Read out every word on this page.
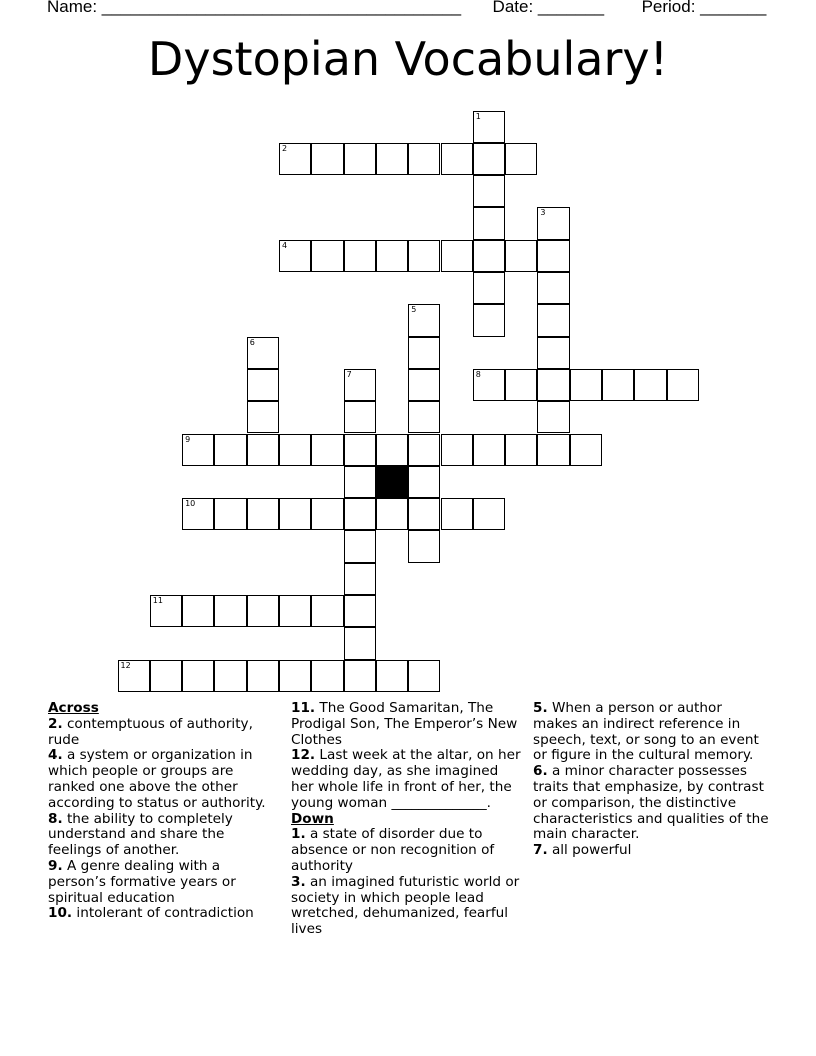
Name: ______________________________________ Date: _______ Period: _______
Dystopian Vocabulary!
1
2
3
4
5
6
7	8
9
10
11
12
Across
2. contemptuous of authority, rude
4. a system or organization in which people or groups are ranked one above the other according to status or authority.
8. the ability to completely understand and share the feelings of another.
9. A genre dealing with a person’s formative years or spiritual education
10. intolerant of contradiction
11. The Good Samaritan, The Prodigal Son, The Emperor’s New Clothes
12. Last week at the altar, on her wedding day, as she imagined her whole life in front of her, the young woman ______________.
Down
1. a state of disorder due to absence or non recognition of authority
3. an imagined futuristic world or society in which people lead wretched, dehumanized, fearful lives
5. When a person or author makes an indirect reference in speech, text, or song to an event or figure in the cultural memory.
6. a minor character possesses traits that emphasize, by contrast or comparison, the distinctive characteristics and qualities of the main character.
7. all powerful
